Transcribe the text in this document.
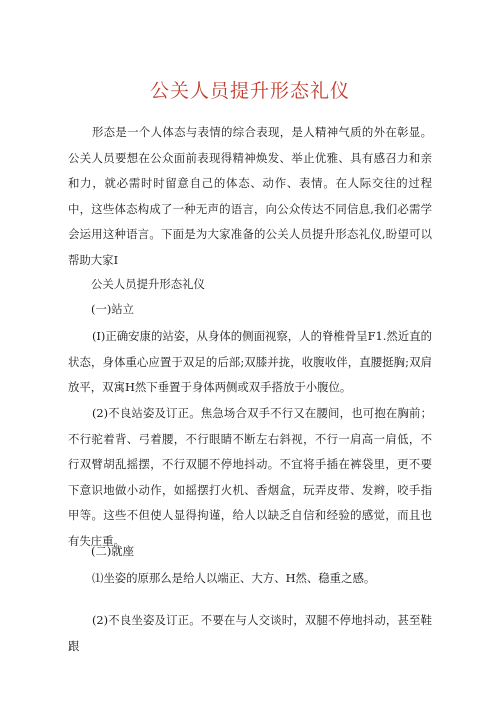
公关人员提升形态礼仪

形态是一个人体态与表情的综合表现，是人精神气质的外在彰显。公关人员要想在公众面前表现得精神焕发、举止优雅、具有感召力和亲和力，就必需时时留意自己的体态、动作、表情。在人际交往的过程中，这些体态构成了一种无声的语言，向公众传达不同信息,我们必需学会运用这种语言。下面是为大家准备的公关人员提升形态礼仪,盼望可以帮助大家I

公关人员提升形态礼仪
(一)站立

(I)正确安康的站姿，从身体的侧面视察，人的脊椎骨呈F1.然近直的状态，身体重心应置于双足的后部;双膝并拢，收腹收伴，直腰挺胸;双肩放平，双寓H然下垂置于身体两侧或双手搭放于小腹位。

(2)不良站姿及订正。焦急场合双手不行又在腰间，也可抱在胸前；不行驼着背、弓着腰，不行眼睛不断左右斜视，不行一肩高一肩低，不行双臂胡乱摇摆，不行双腿不停地抖动。不宜将手插在裤袋里，更不要下意识地做小动作，如摇摆打火机、香烟盒，玩弄皮带、发辫，咬手指甲等。这些不但使人显得拘谨，给人以缺乏自信和经验的感觉，而且也有失庄重。

(二)就座

⑴坐姿的原那么是给人以端正、大方、H然、稳重之感。

(2)不良坐姿及订正。不要在与人交谈时，双腿不停地抖动，甚至鞋跟
